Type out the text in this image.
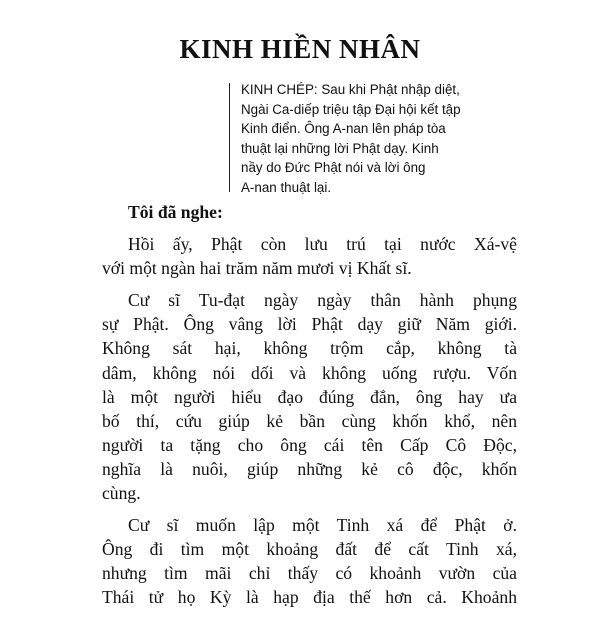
KINH HIỀN NHÂN
KINH CHÉP: Sau khi Phật nhập diệt,
Ngài Ca-diếp triệu tập Đại hội kết tập
Kinh điển. Ông A-nan lên pháp tòa
thuật lại những lời Phật dạy. Kinh
nầy do Đức Phật nói và lời ông
A-nan thuật lại.

Tôi đã nghe:

Hồi ấy, Phật còn lưu trú tại nước Xá-vệ
với một ngàn hai trăm năm mươi vị Khất sĩ.

Cư sĩ Tu-đạt ngày ngày thân hành phụng
sự Phật. Ông vâng lời Phật dạy giữ Năm giới.
Không sát hại, không trộm cắp, không tà
dâm, không nói dối và không uống rượu. Vốn
là một người hiểu đạo đúng đắn, ông hay ưa
bố thí, cứu giúp kẻ bần cùng khốn khổ, nên
người ta tặng cho ông cái tên Cấp Cô Độc,
nghĩa là nuôi, giúp những kẻ cô độc, khốn
cùng.

Cư sĩ muốn lập một Tinh xá để Phật ở.
Ông đi tìm một khoảng đất để cất Tinh xá,
nhưng tìm mãi chỉ thấy có khoảnh vườn của
Thái tử họ Kỳ là hạp địa thế hơn cả. Khoảnh
